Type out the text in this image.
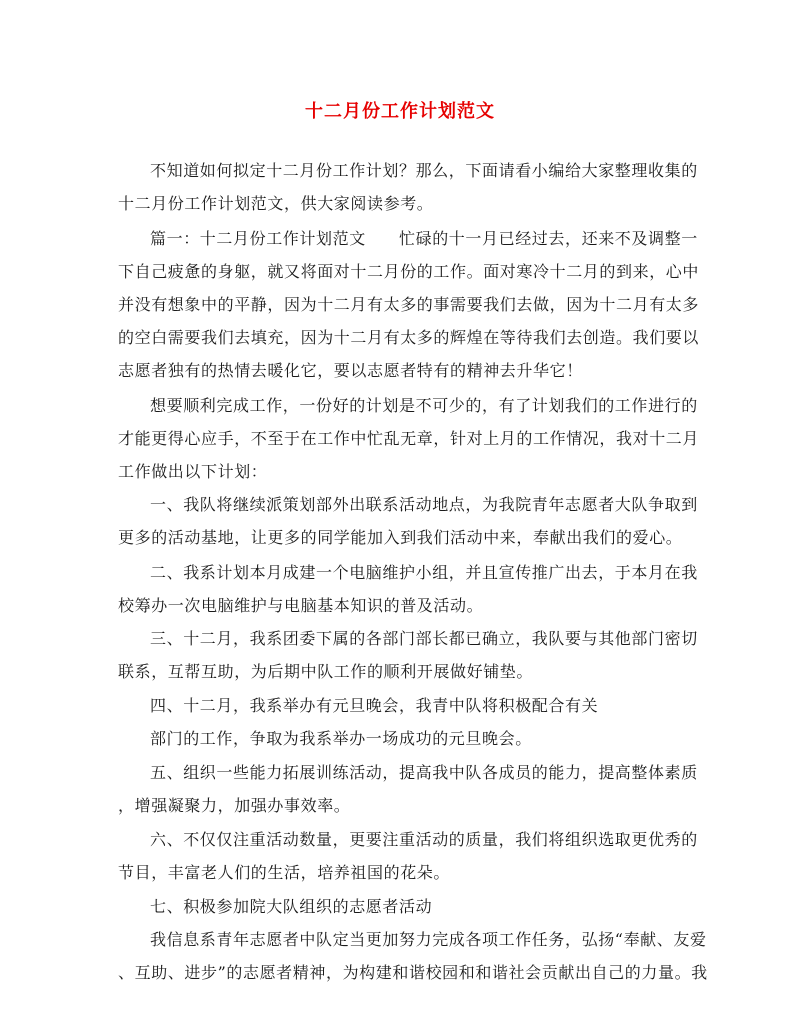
十二月份工作计划范文
不知道如何拟定十二月份工作计划？那么，下面请看小编给大家整理收集的
十二月份工作计划范文，供大家阅读参考。
篇一：十二月份工作计划范文　　忙碌的十一月已经过去，还来不及调整一
下自己疲惫的身躯，就又将面对十二月份的工作。面对寒冷十二月的到来，心中
并没有想象中的平静，因为十二月有太多的事需要我们去做，因为十二月有太多
的空白需要我们去填充，因为十二月有太多的辉煌在等待我们去创造。我们要以
志愿者独有的热情去暖化它，要以志愿者特有的精神去升华它！
想要顺利完成工作，一份好的计划是不可少的，有了计划我们的工作进行的
才能更得心应手，不至于在工作中忙乱无章，针对上月的工作情况，我对十二月
工作做出以下计划：
一、我队将继续派策划部外出联系活动地点，为我院青年志愿者大队争取到
更多的活动基地，让更多的同学能加入到我们活动中来，奉献出我们的爱心。
二、我系计划本月成建一个电脑维护小组，并且宣传推广出去，于本月在我
校筹办一次电脑维护与电脑基本知识的普及活动。
三、十二月，我系团委下属的各部门部长都已确立，我队要与其他部门密切
联系，互帮互助，为后期中队工作的顺利开展做好铺垫。
四、十二月，我系举办有元旦晚会，我青中队将积极配合有关
部门的工作，争取为我系举办一场成功的元旦晚会。
五、组织一些能力拓展训练活动，提高我中队各成员的能力，提高整体素质
，增强凝聚力，加强办事效率。
六、不仅仅注重活动数量，更要注重活动的质量，我们将组织选取更优秀的
节目，丰富老人们的生活，培养祖国的花朵。
七、积极参加院大队组织的志愿者活动
我信息系青年志愿者中队定当更加努力完成各项工作任务，弘扬“奉献、友爱
、互助、进步”的志愿者精神，为构建和谐校园和和谐社会贡献出自己的力量。我
